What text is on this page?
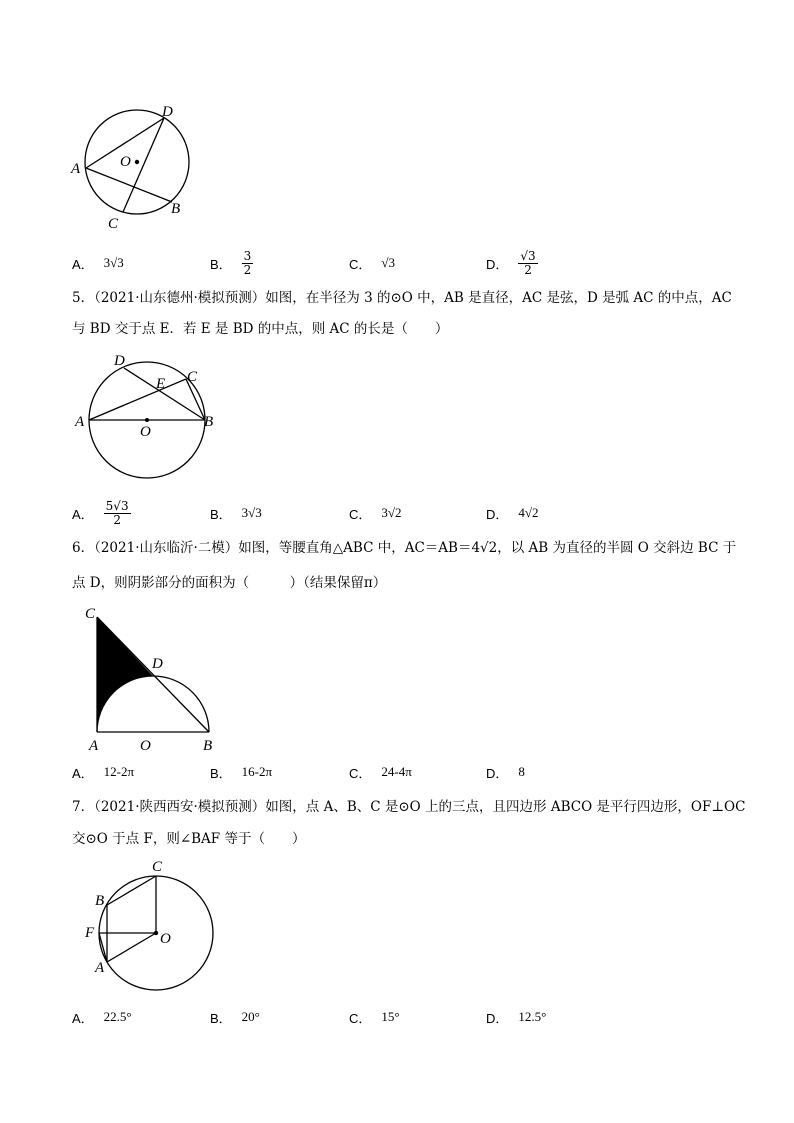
A
D
O
C
B
A． 3√3	B． $\frac{3}{2}$	C． √3	D． $\frac{√3}{2}$
5．（2021·山东德州·模拟预测）如图，在半径为 3 的⊙O 中，AB 是直径，AC 是弦，D 是弧 AC 的中点，AC
与 BD 交于点 E．若 E 是 BD 的中点，则 AC 的长是（　　）
A	B
O
D
E C
A． $\frac{5√3}{2}$	B． 3√3	C． 3√2	D． 4√2
6．（2021·山东临沂·二模）如图，等腰直角△ABC 中，AC＝AB＝4√2，以 AB 为直径的半圆 O 交斜边 BC 于
点 D，则阴影部分的面积为（　　　）（结果保留π）
C
D
A	O	B
A． 12-2π	B． 16-2π	C． 24-4π	D． 8
7．（2021·陕西西安·模拟预测）如图，点 A、B、C 是⊙O 上的三点，且四边形 ABCO 是平行四边形，OF⊥OC
交⊙O 于点 F，则∠BAF 等于（　　）
C
B
F	O
A
A． 22.5°	B． 20°	C． 15°	D． 12.5°
